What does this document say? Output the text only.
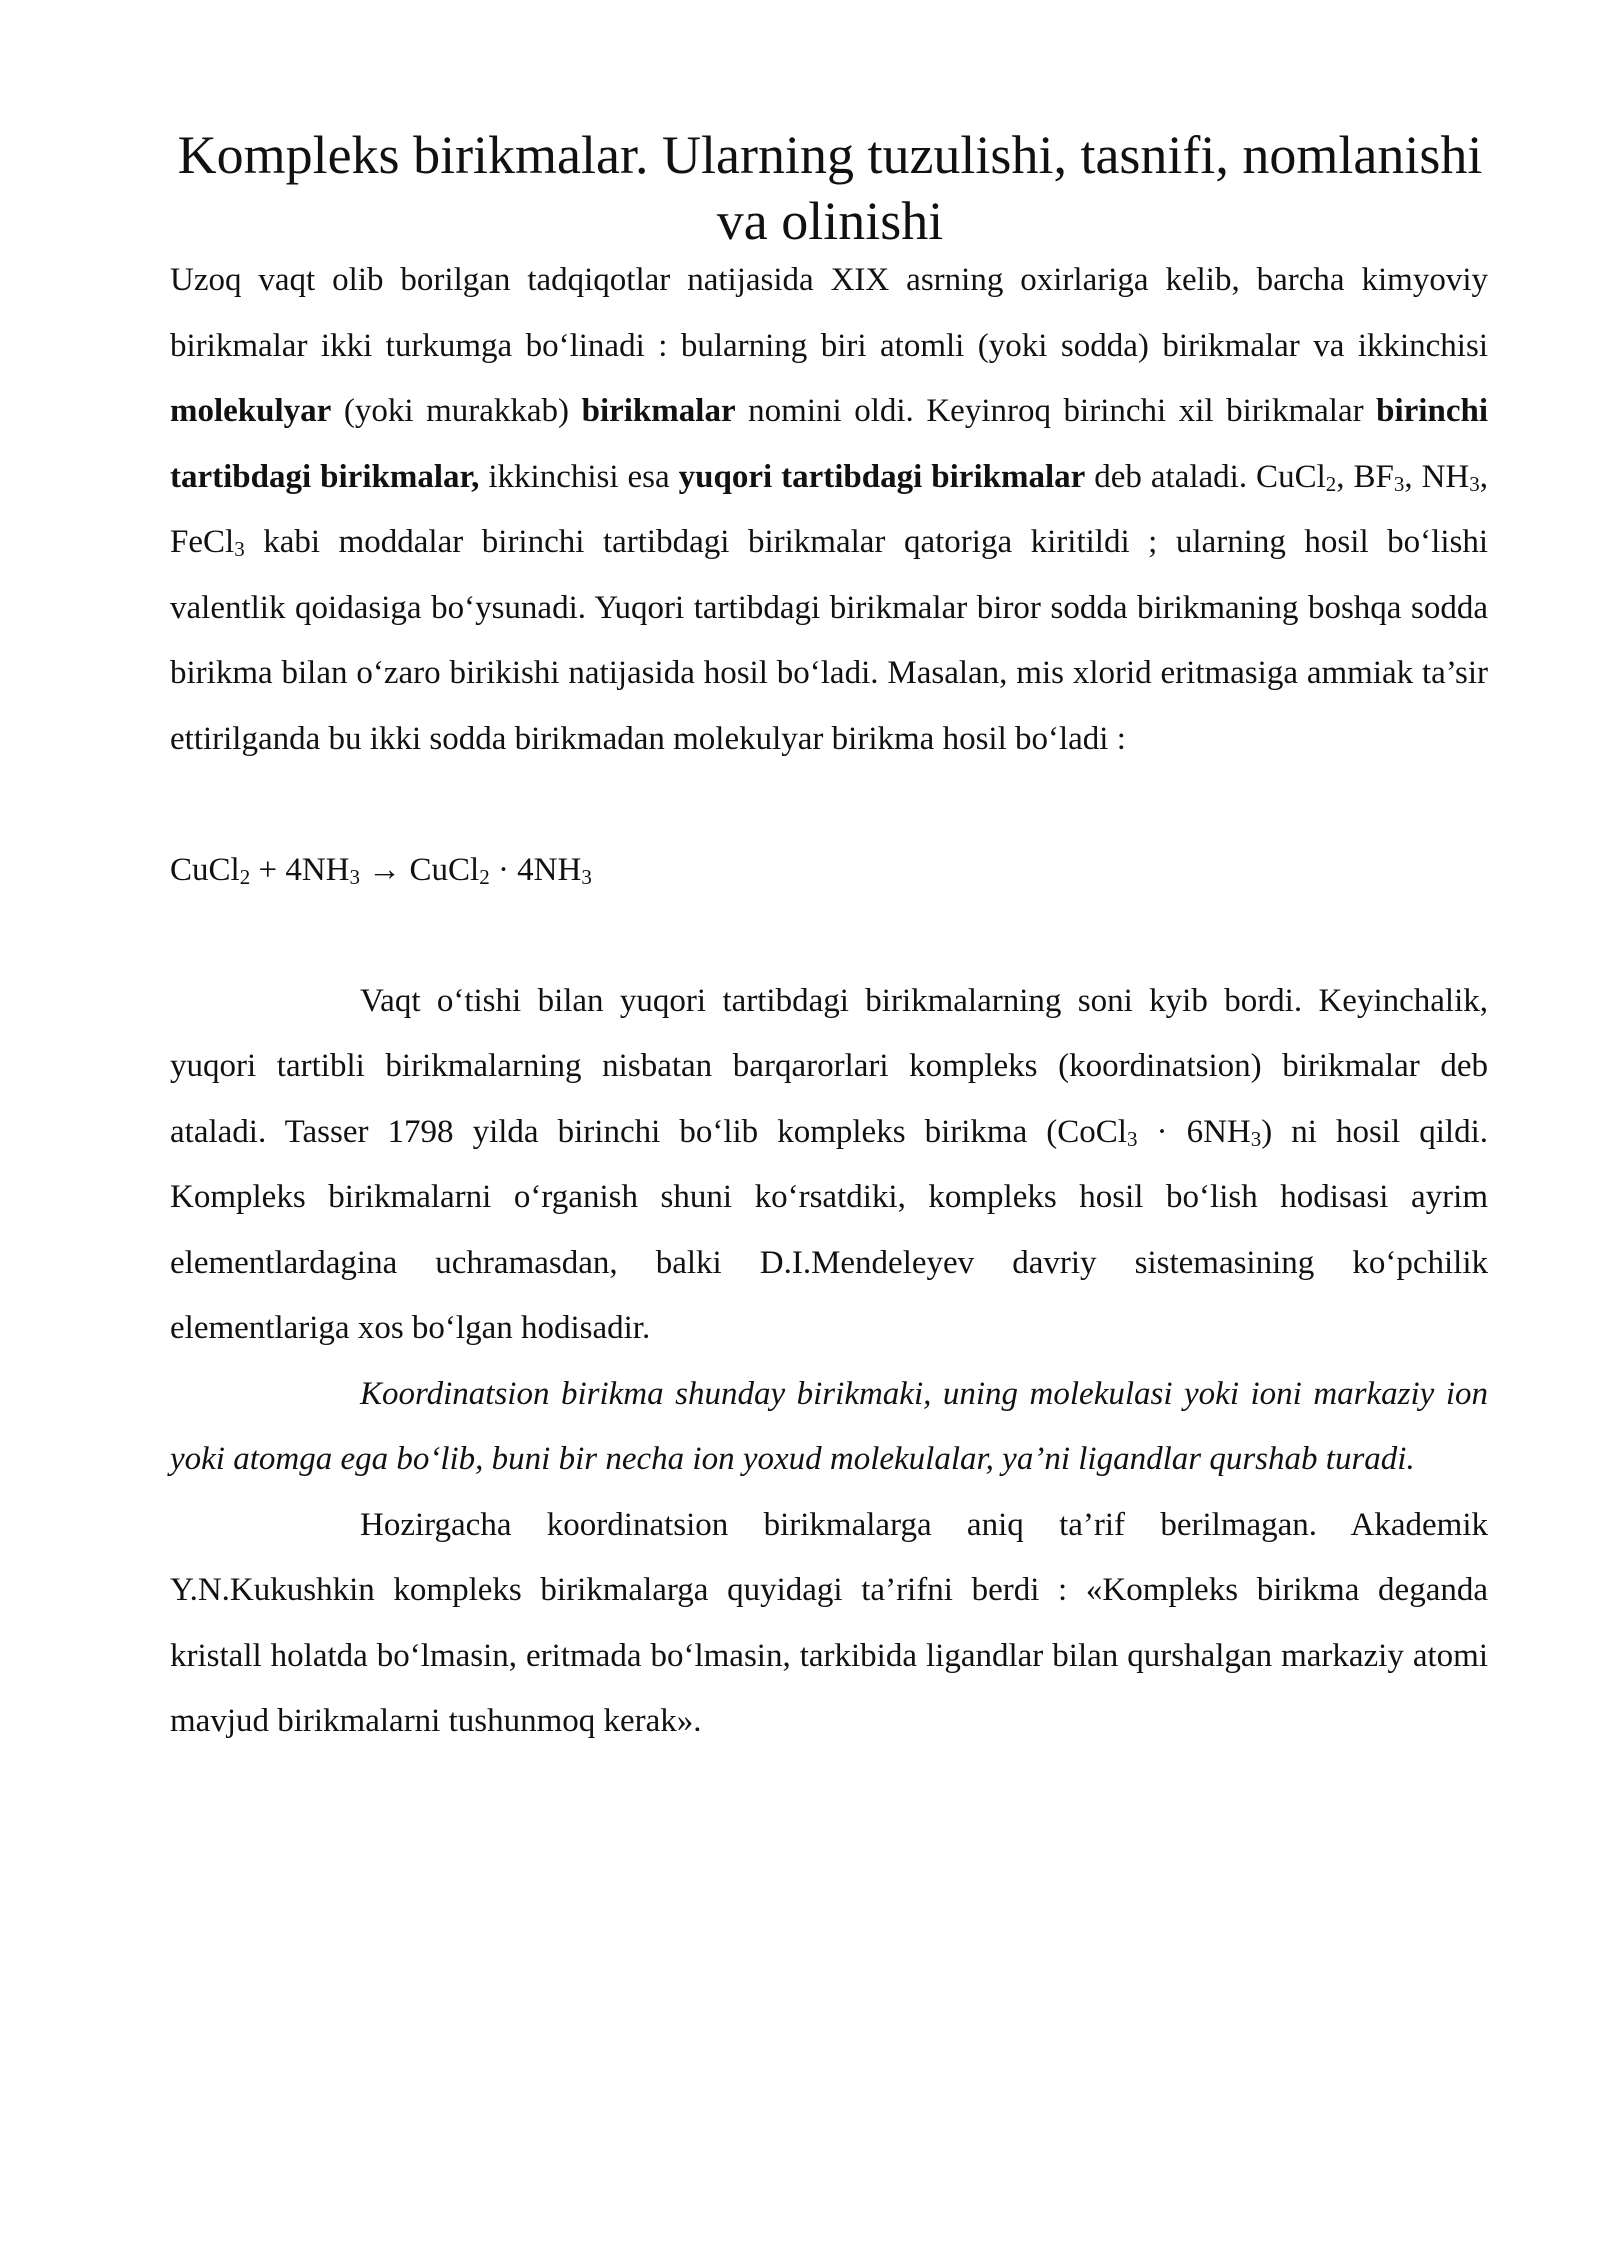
Kompleks birikmalar. Ularning tuzulishi, tasnifi, nomlanishi va olinishi

Uzoq vaqt olib borilgan tadqiqotlar natijasida XIX asrning oxirlariga kelib, barcha kimyoviy birikmalar ikki turkumga bo‘linadi : bularning biri atomli (yoki sodda) birikmalar va ikkinchisi molekulyar (yoki murakkab) birikmalar nomini oldi. Keyinroq birinchi xil birikmalar birinchi tartibdagi birikmalar, ikkinchisi esa yuqori tartibdagi birikmalar deb ataladi. CuCl$_2$, $BF_3$, $NH_3$, FeCl$_3$ kabi moddalar birinchi tartibdagi birikmalar qatoriga kiritildi ; ularning hosil bo‘lishi valentlik qoidasiga bo‘ysunadi. Yuqori tartibdagi birikmalar biror sodda birikmaning boshqa sodda birikma bilan o‘zaro birikishi natijasida hosil bo‘ladi. Masalan, mis xlorid eritmasiga ammiak ta’sir ettirilganda bu ikki sodda birikmadan molekulyar birikma hosil bo‘ladi :

CuCl$_2$ + $4NH_3$ → CuCl$_2$ · $4NH_3$

Vaqt o‘tishi bilan yuqori tartibdagi birikmalarning soni kyib bordi. Keyinchalik, yuqori tartibli birikmalarning nisbatan barqarorlari kompleks (koordinatsion) birikmalar deb ataladi. Tasser 1798 yilda birinchi bo‘lib kompleks birikma (CoCl$_3$ · $6NH_3$) ni hosil qildi. Kompleks birikmalarni o‘rganish shuni ko‘rsatdiki, kompleks hosil bo‘lish hodisasi ayrim elementlardagina uchramasdan, balki D.I.Mendeleyev davriy sistemasining ko‘pchilik elementlariga xos bo‘lgan hodisadir.

Koordinatsion birikma shunday birikmaki, uning molekulasi yoki ioni markaziy ion yoki atomga ega bo‘lib, buni bir necha ion yoxud molekulalar, ya’ni ligandlar qurshab turadi.

Hozirgacha koordinatsion birikmalarga aniq ta’rif berilmagan. Akademik Y.N.Kukushkin kompleks birikmalarga quyidagi ta’rifni berdi : «Kompleks birikma deganda kristall holatda bo‘lmasin, eritmada bo‘lmasin, tarkibida ligandlar bilan qurshalgan markaziy atomi mavjud birikmalarni tushunmoq kerak».
